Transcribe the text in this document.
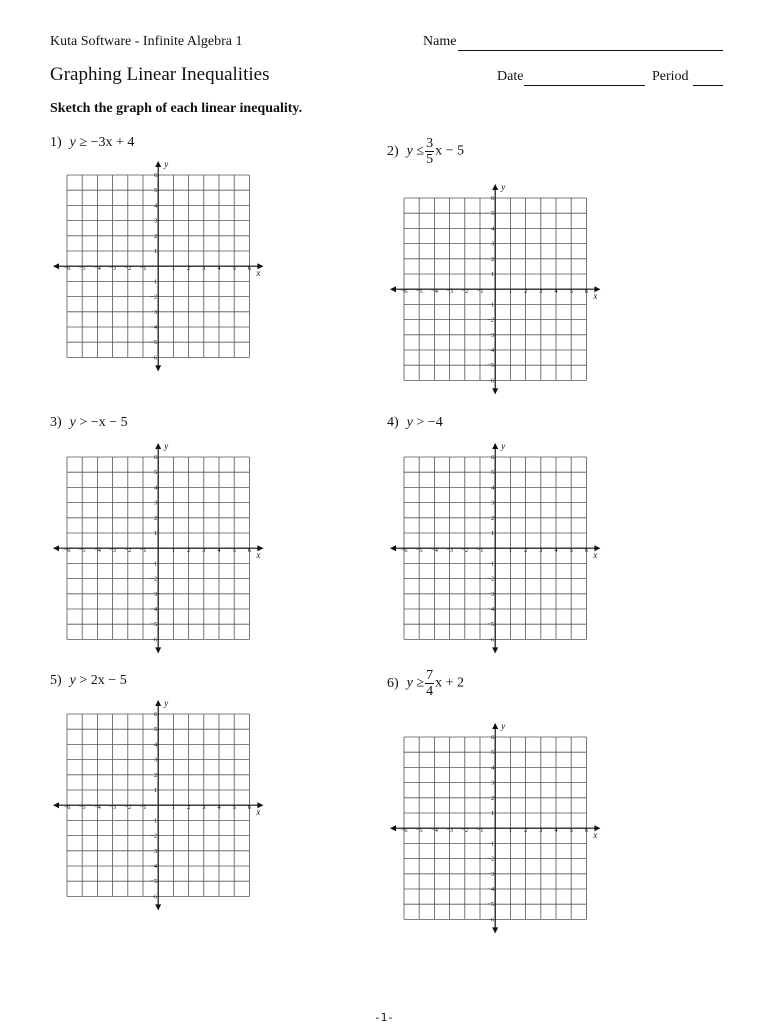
Kuta Software - Infinite Algebra 1	Name
Graphing Linear Inequalities	Date	Period
Sketch the graph of each linear inequality.
1) y ≥ −3x + 4
2) $y \le \frac{3}{5}$ x − 5
3) y > −x − 5	4) y > −4
5) y > 2x − 5	6) $y \ge \frac{7}{4}$ x + 2
x
y
−6 −5 −4 −3 −2 −1	1 2 3 4 5 6
6
5
4
3
2
1
−1
−2
−3
−4
−5
−6
x
y
−6 −5 −4 −3 −2 −1	1 2 3 4 5 6
6
5
4
3
2
1
−1
−2
−3
−4
−5
−6
x
y
−6 −5 −4 −3 −2 −1	1 2 3 4 5 6
6
5
4
3
2
1
−1
−2
−3
−4
−5
−6
x
y
−6 −5 −4 −3 −2 −1	1 2 3 4 5 6
6
5
4
3
2
1
−1
−2
−3
−4
−5
−6
x
y
−6 −5 −4 −3 −2 −1	1 2 3 4 5 6
6
5
4
3
2
1
−1
−2
−3
−4
−5
−6
x
y
−6 −5 −4 −3 −2 −1	1 2 3 4 5 6
6
5
4
3
2
1
−1
−2
−3
−4
−5
−6
-1-
